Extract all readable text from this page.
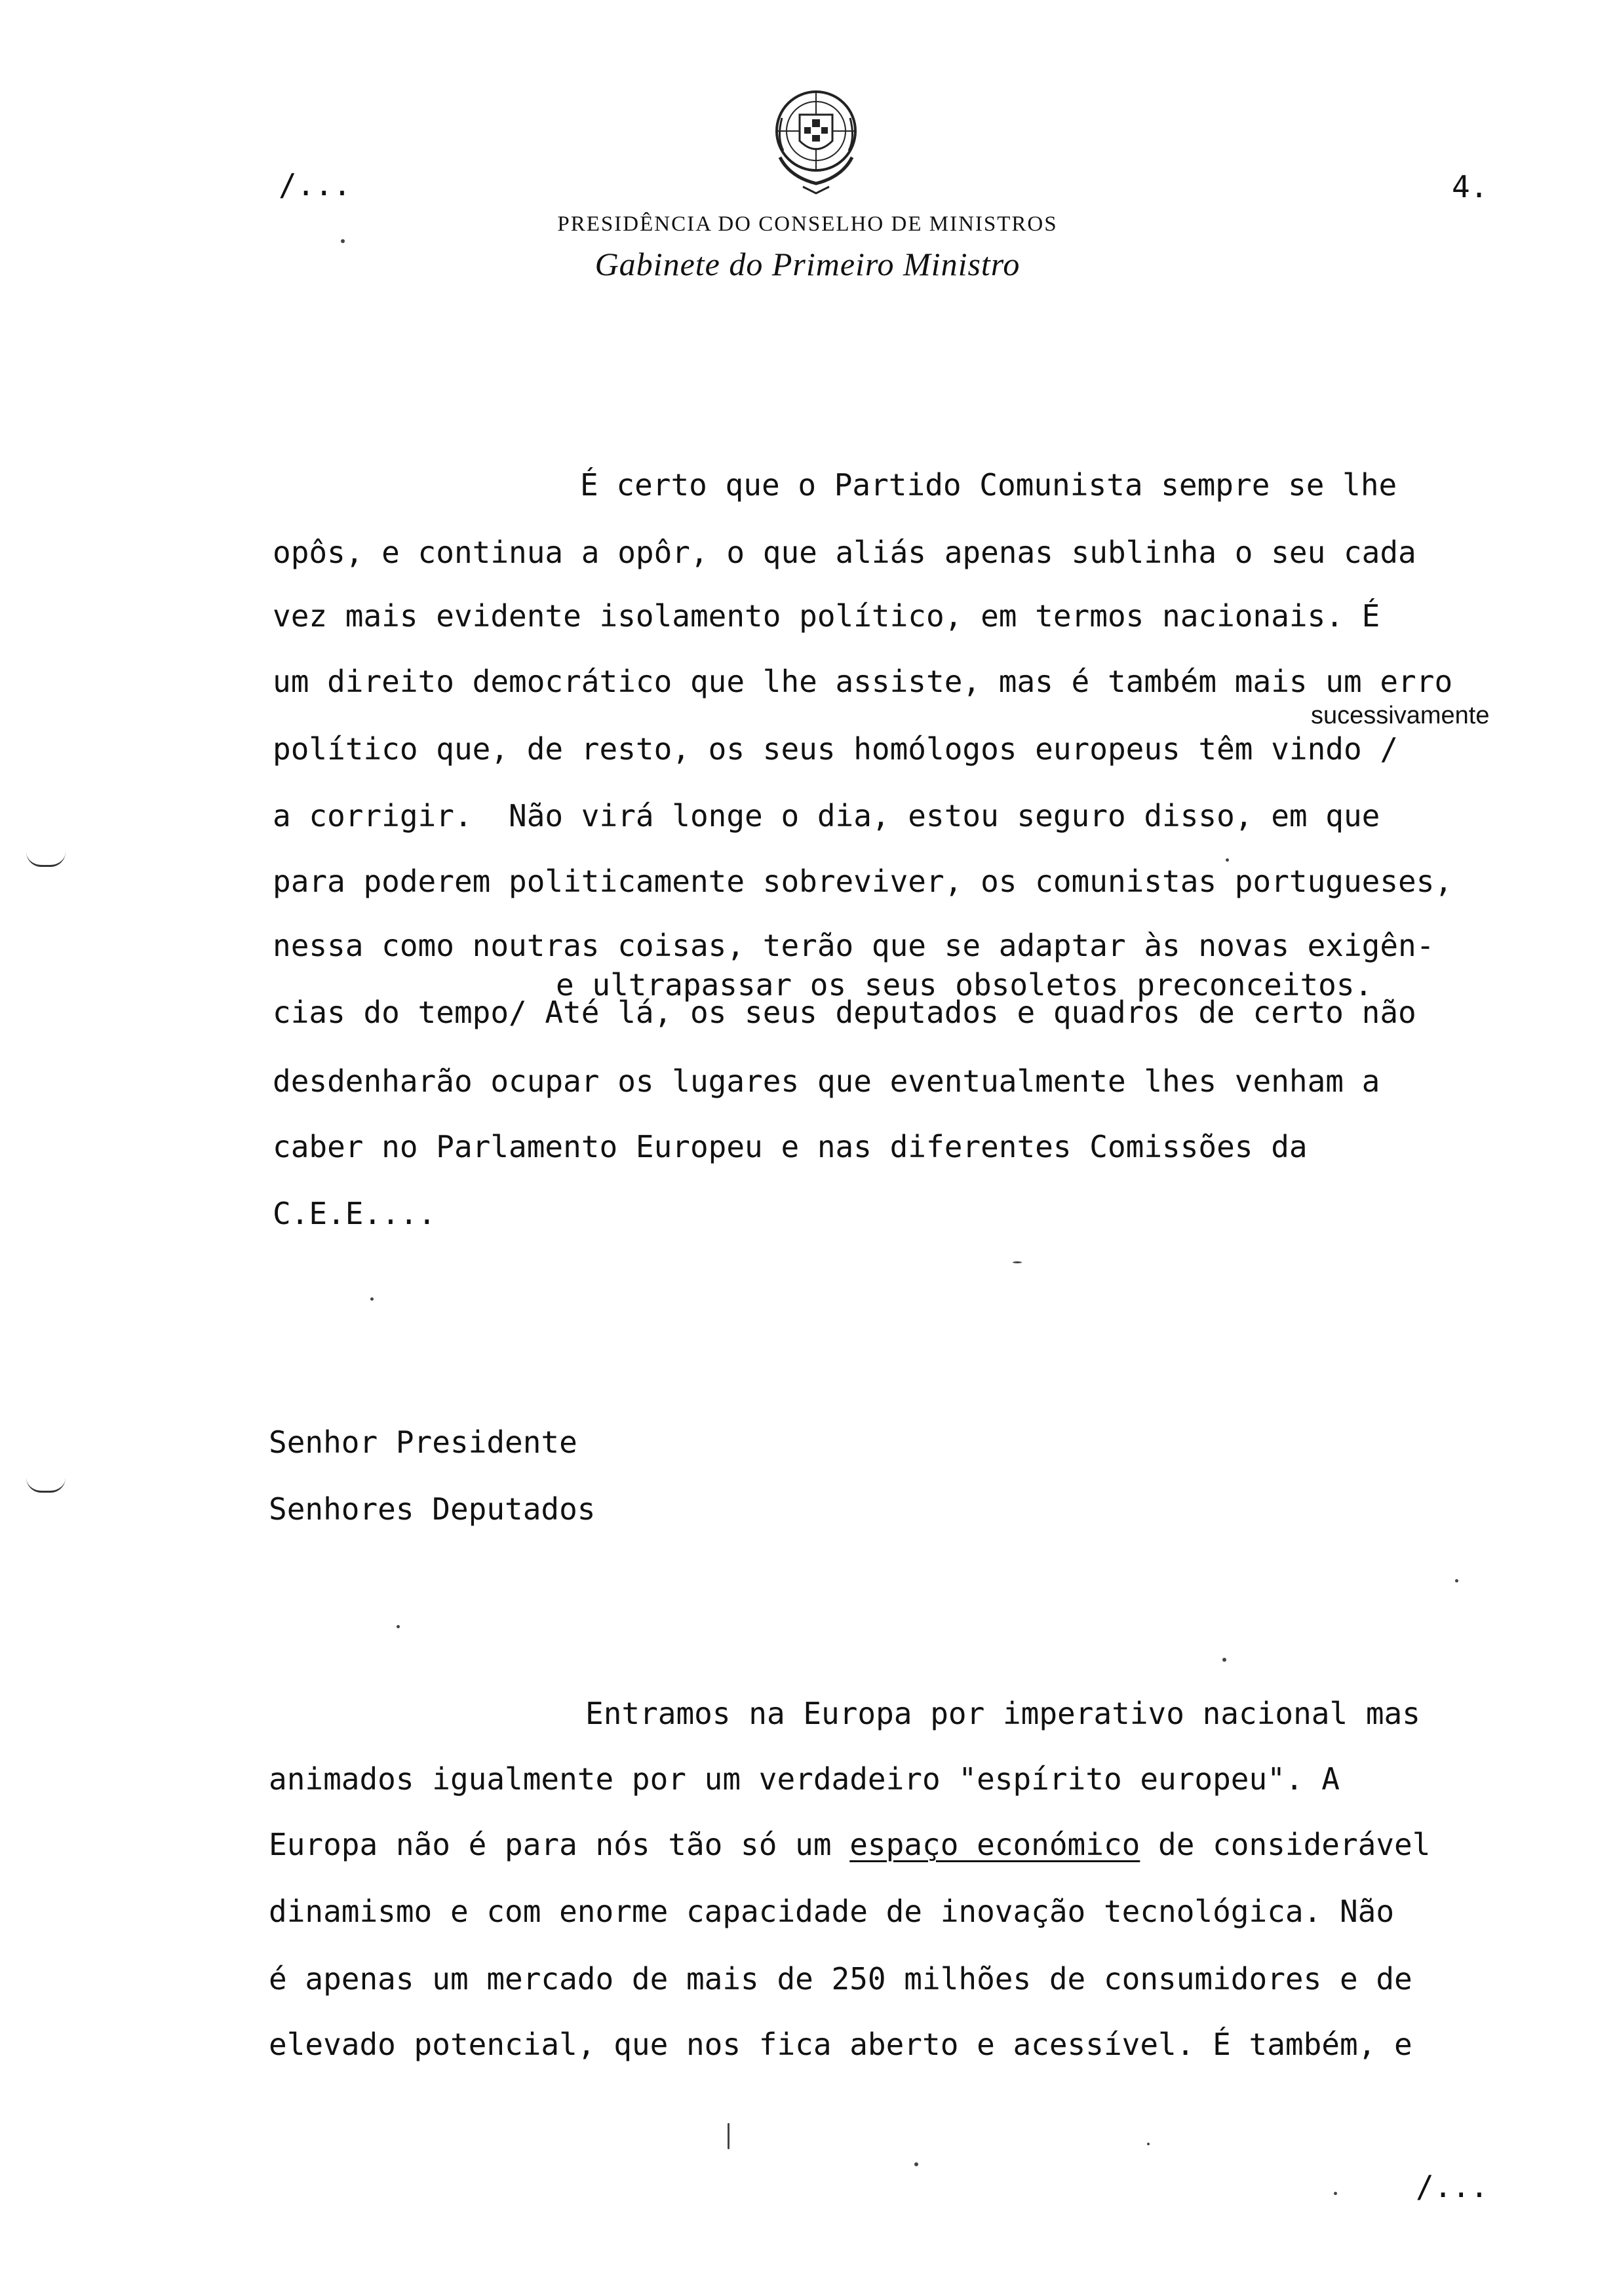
/...	4.
PRESIDÊNCIA DO CONSELHO DE MINISTROS
Gabinete do Primeiro Ministro
É certo que o Partido Comunista sempre se lhe
opôs, e continua a opôr, o que aliás apenas sublinha o seu cada
vez mais evidente isolamento político, em termos nacionais. É
um direito democrático que lhe assiste, mas é também mais um erro
sucessivamente
político que, de resto, os seus homólogos europeus têm vindo /
a corrigir.  Não virá longe o dia, estou seguro disso, em que
para poderem politicamente sobreviver, os comunistas portugueses,
nessa como noutras coisas, terão que se adaptar às novas exigên-
e ultrapassar os seus obsoletos preconceitos.
cias do tempo/ Até lá, os seus deputados e quadros de certo não
desdenharão ocupar os lugares que eventualmente lhes venham a
caber no Parlamento Europeu e nas diferentes Comissões da
C.E.E....
Senhor Presidente
Senhores Deputados
Entramos na Europa por imperativo nacional mas
animados igualmente por um verdadeiro "espírito europeu". A
Europa não é para nós tão só um espaço económico de considerável
dinamismo e com enorme capacidade de inovação tecnológica. Não
é apenas um mercado de mais de 250 milhões de consumidores e de
elevado potencial, que nos fica aberto e acessível. É também, e
/...
